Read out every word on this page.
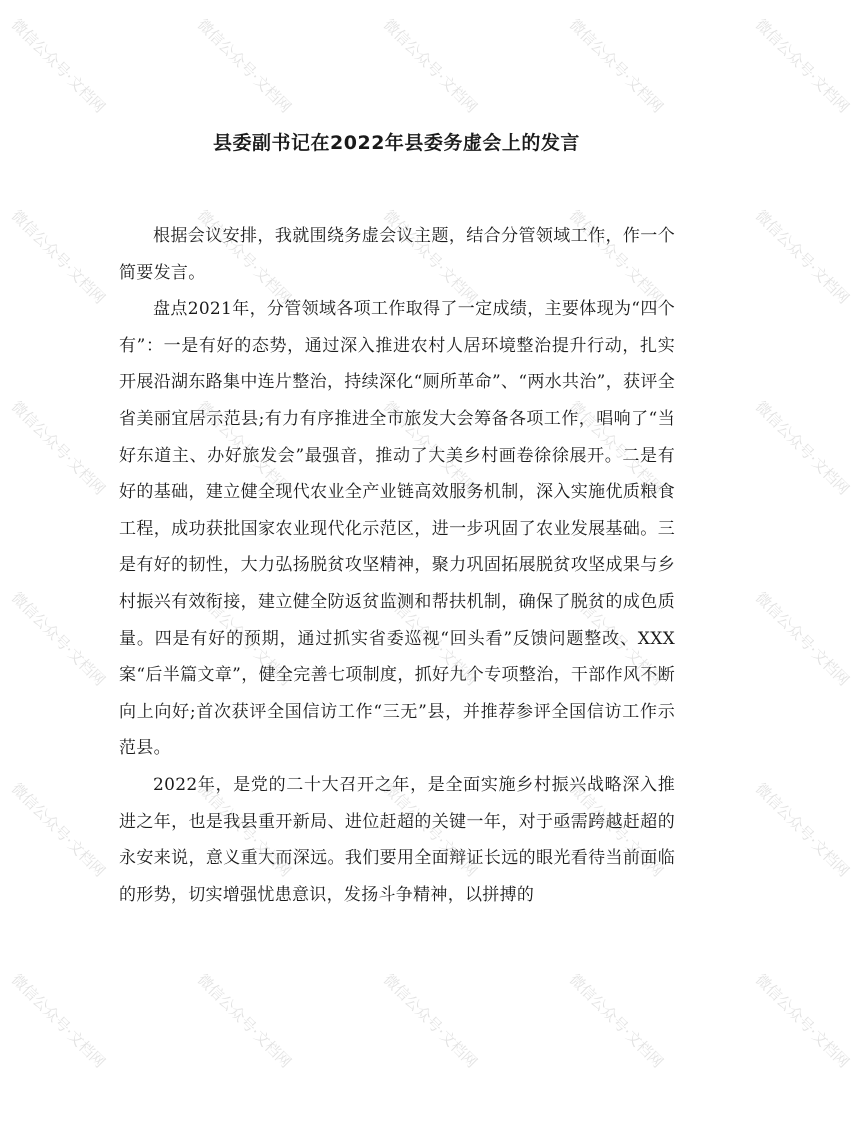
县委副书记在2022年县委务虚会上的发言

根据会议安排，我就围绕务虚会议主题，结合分管领域工作，作一个简要发言。

盘点2021年，分管领域各项工作取得了一定成绩，主要体现为“四个有”：一是有好的态势，通过深入推进农村人居环境整治提升行动，扎实开展沿湖东路集中连片整治，持续深化“厕所革命”、“两水共治”，获评全省美丽宜居示范县;有力有序推进全市旅发大会筹备各项工作，唱响了“当好东道主、办好旅发会”最强音，推动了大美乡村画卷徐徐展开。二是有好的基础，建立健全现代农业全产业链高效服务机制，深入实施优质粮食工程，成功获批国家农业现代化示范区，进一步巩固了农业发展基础。三是有好的韧性，大力弘扬脱贫攻坚精神，聚力巩固拓展脱贫攻坚成果与乡村振兴有效衔接，建立健全防返贫监测和帮扶机制，确保了脱贫的成色质量。四是有好的预期，通过抓实省委巡视“回头看”反馈问题整改、XXX案“后半篇文章”，健全完善七项制度，抓好九个专项整治，干部作风不断向上向好;首次获评全国信访工作“三无”县，并推荐参评全国信访工作示范县。

2022年，是党的二十大召开之年，是全面实施乡村振兴战略深入推进之年，也是我县重开新局、进位赶超的关键一年，对于亟需跨越赶超的永安来说，意义重大而深远。我们要用全面辩证长远的眼光看待当前面临的形势，切实增强忧患意识，发扬斗争精神，以拼搏的

微信公众号·文档网	微信公众号·文档网	微信公众号·文档网	微信公众号·文档网	微信公众号·文档网
微信公众号·文档网	微信公众号·文档网	微信公众号·文档网	微信公众号·文档网	微信公众号·文档网
微信公众号·文档网	微信公众号·文档网	微信公众号·文档网	微信公众号·文档网	微信公众号·文档网
微信公众号·文档网	微信公众号·文档网	微信公众号·文档网	微信公众号·文档网	微信公众号·文档网
微信公众号·文档网	微信公众号·文档网	微信公众号·文档网	微信公众号·文档网	微信公众号·文档网
微信公众号·文档网	微信公众号·文档网	微信公众号·文档网	微信公众号·文档网	微信公众号·文档网
